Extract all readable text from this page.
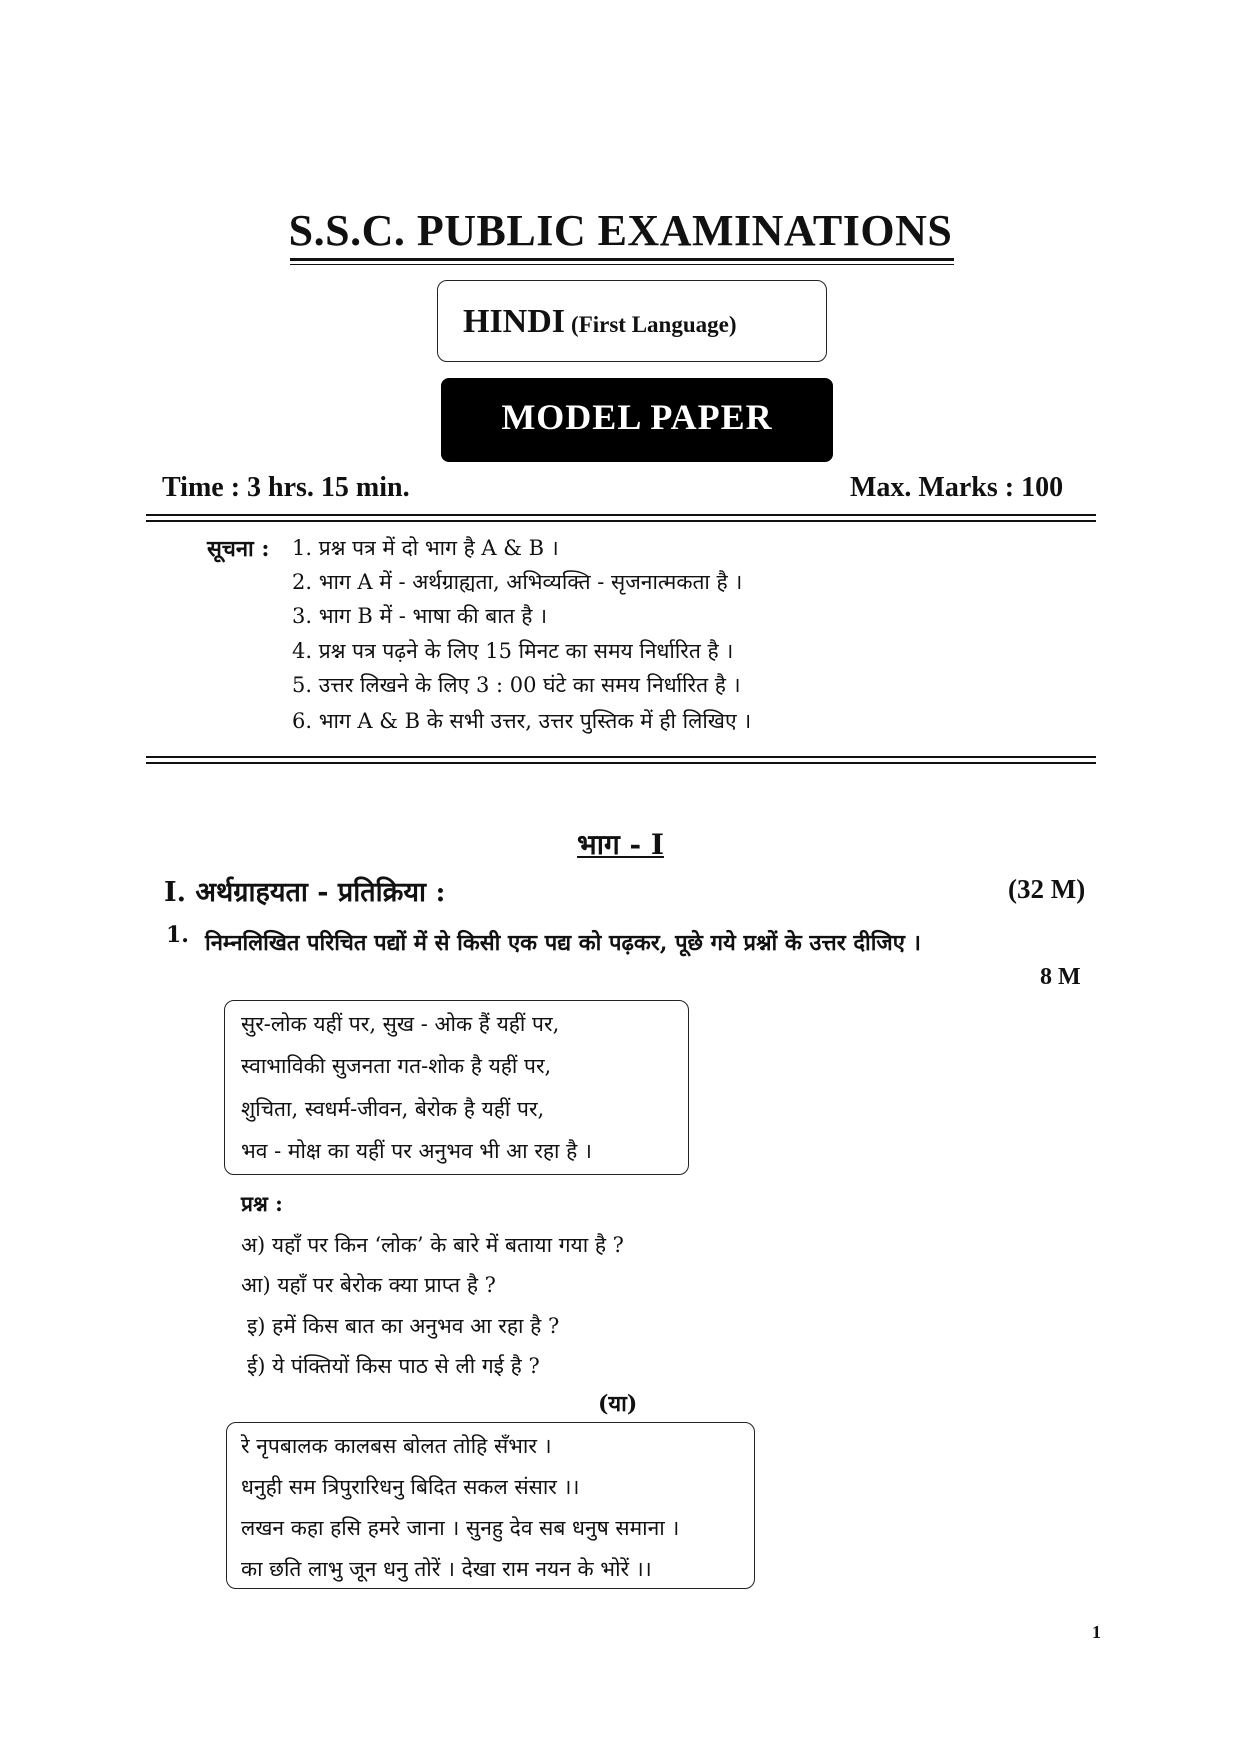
S.S.C. PUBLIC EXAMINATIONS
HINDI (First Language)
MODEL PAPER
Time : 3 hrs. 15 min.	Max. Marks : 100
सूचना : 1. प्रश्न पत्र में दो भाग है A & B ।
2. भाग A में - अर्थग्राह्यता, अभिव्यक्ति - सृजनात्मकता है ।
3. भाग B में - भाषा की बात है ।
4. प्रश्न पत्र पढ़ने के लिए 15 मिनट का समय निर्धारित है ।
5. उत्तर लिखने के लिए 3 : 00 घंटे का समय निर्धारित है ।
6. भाग A & B के सभी उत्तर, उत्तर पुस्तिक में ही लिखिए ।
भाग - I
I. अर्थग्राहयता - प्रतिक्रिया :	(32 M)
1. निम्नलिखित परिचित पद्यों में से किसी एक पद्य को पढ़कर, पूछे गये प्रश्नों के उत्तर दीजिए ।
8 M
सुर-लोक यहीं पर, सुख - ओक हैं यहीं पर,
स्वाभाविकी सुजनता गत-शोक है यहीं पर,
शुचिता, स्वधर्म-जीवन, बेरोक है यहीं पर,
भव - मोक्ष का यहीं पर अनुभव भी आ रहा है ।
प्रश्न :
अ) यहाँ पर किन ‘लोक’ के बारे में बताया गया है ?
आ) यहाँ पर बेरोक क्या प्राप्त है ?
इ) हमें किस बात का अनुभव आ रहा है ?
ई) ये पंक्तियों किस पाठ से ली गई है ?
(या)
रे नृपबालक कालबस बोलत तोहि सँभार ।
धनुही सम त्रिपुरारिधनु बिदित सकल संसार ।।
लखन कहा हसि हमरे जाना । सुनहु देव सब धनुष समाना ।
का छति लाभु जून धनु तोरें । देखा राम नयन के भोरें ।।
1
